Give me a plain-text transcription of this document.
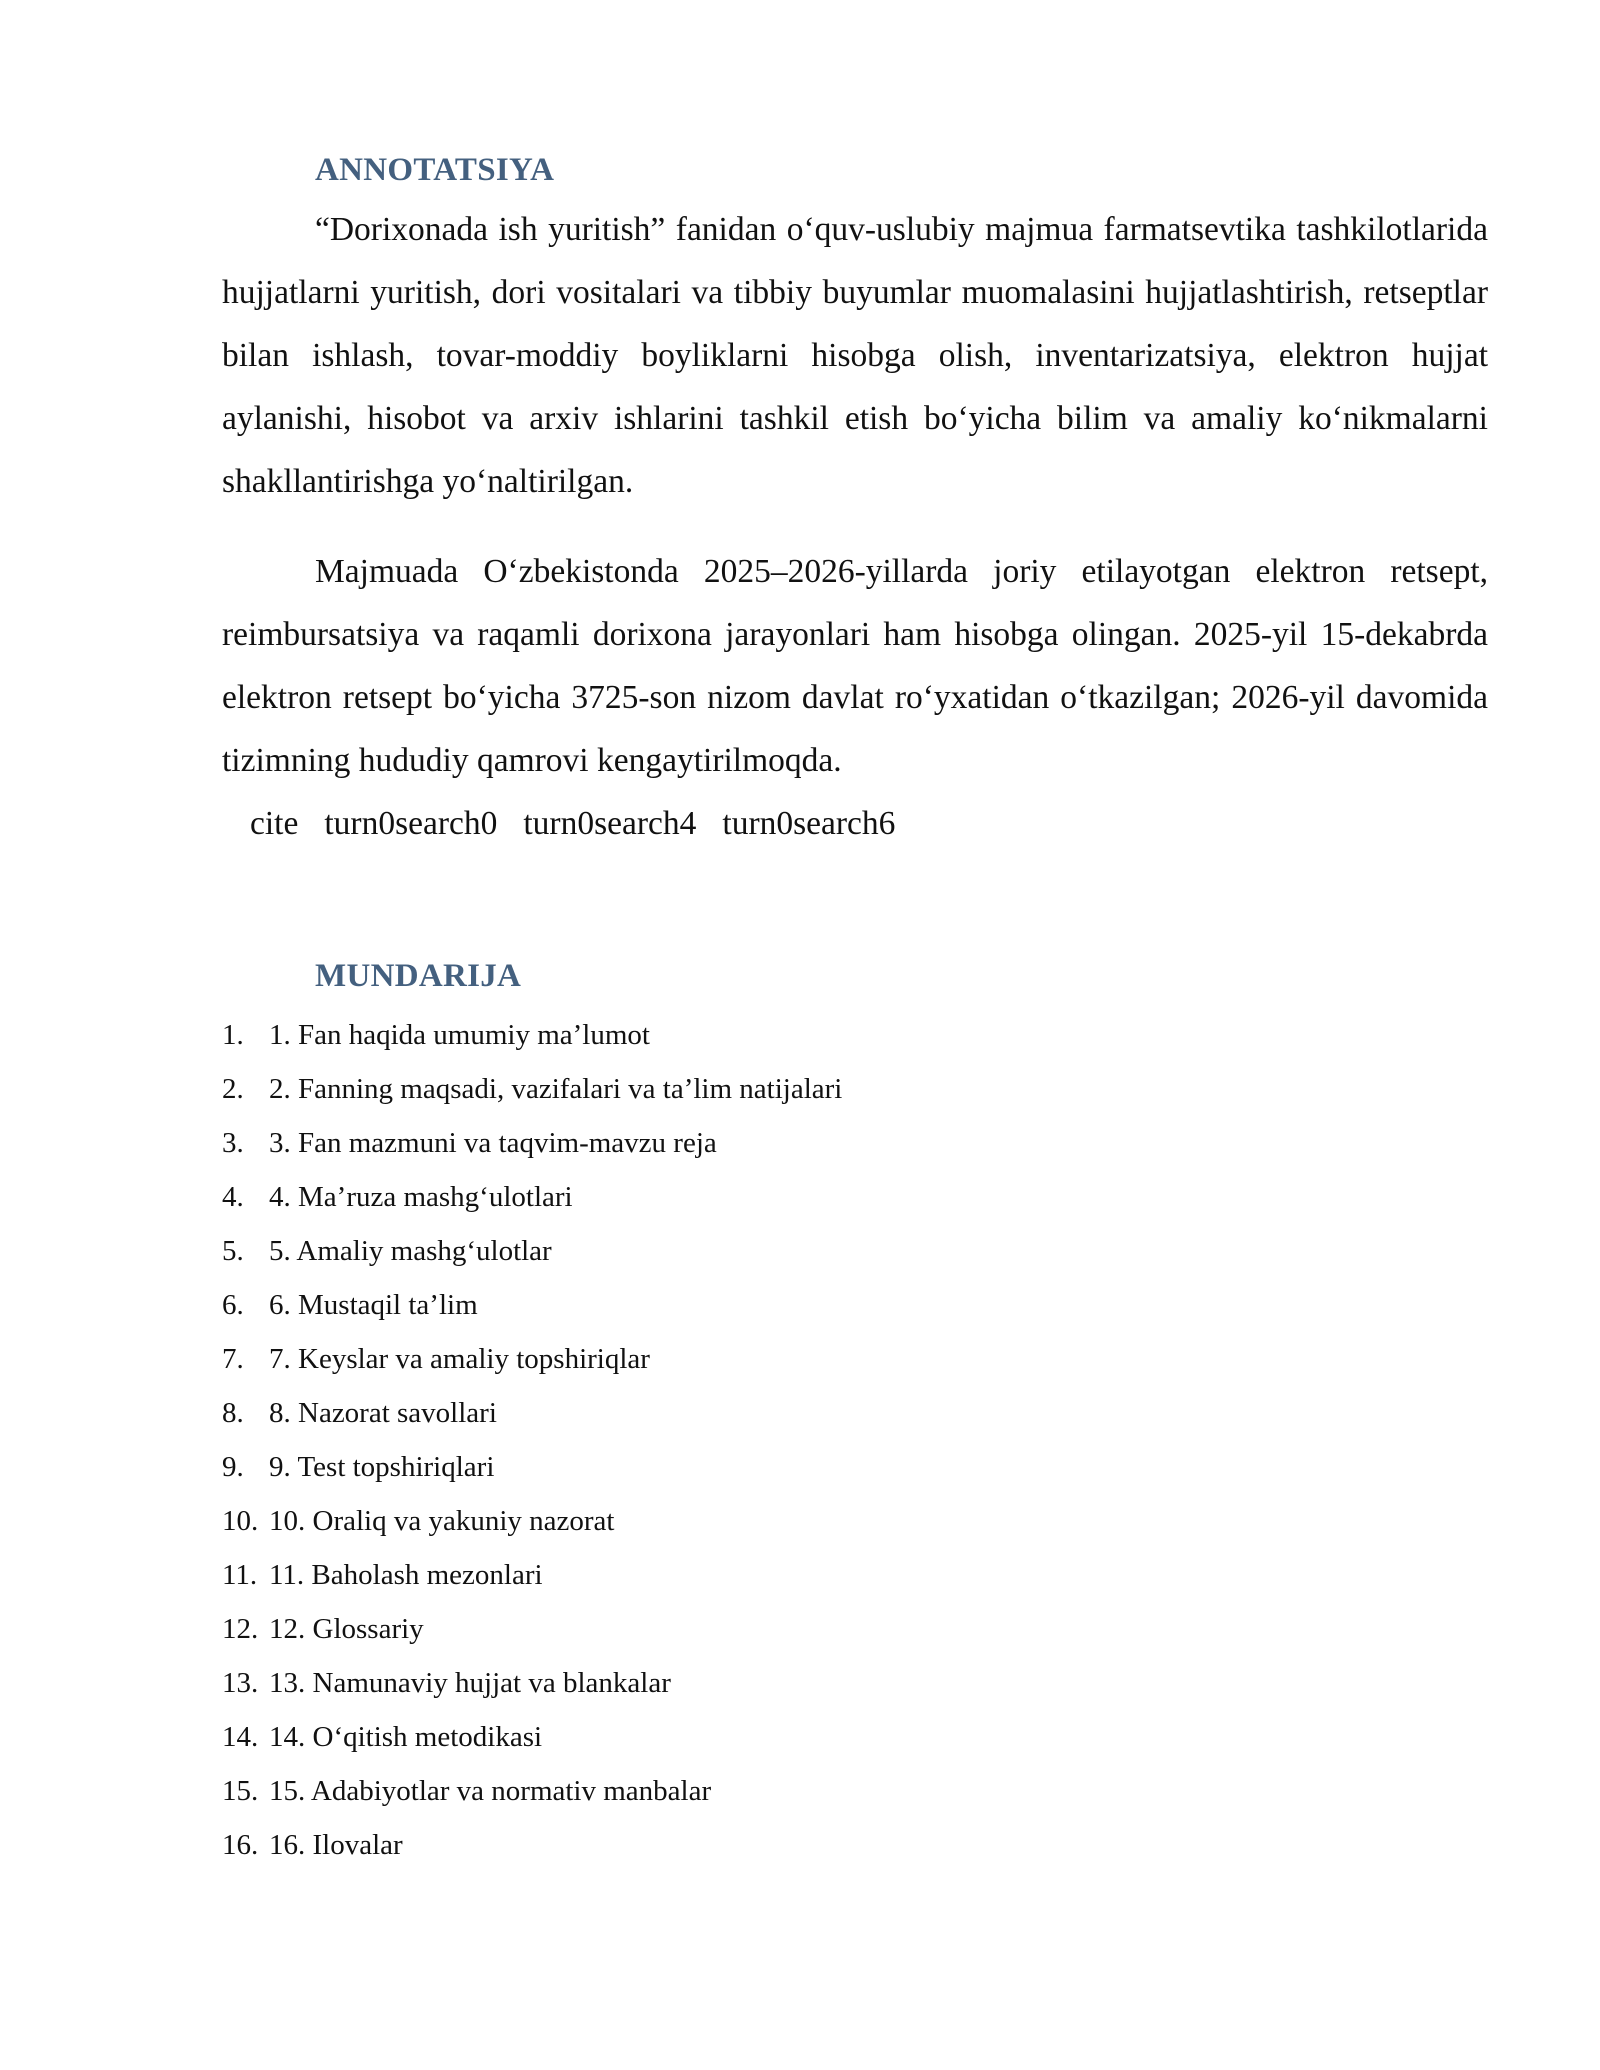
ANNOTATSIYA

“Dorixonada ish yuritish” fanidan o‘quv-uslubiy majmua farmatsevtika tashkilotlarida hujjatlarni yuritish, dori vositalari va tibbiy buyumlar muomalasini hujjatlashtirish, retseptlar bilan ishlash, tovar-moddiy boyliklarni hisobga olish, inventarizatsiya, elektron hujjat aylanishi, hisobot va arxiv ishlarini tashkil etish bo‘yicha bilim va amaliy ko‘nikmalarni shakllantirishga yo‘naltirilgan.

Majmuada O‘zbekistonda 2025–2026-yillarda joriy etilayotgan elektron retsept, reimbursatsiya va raqamli dorixona jarayonlari ham hisobga olingan. 2025-yil 15-dekabrda elektron retsept bo‘yicha 3725-son nizom davlat ro‘yxatidan o‘tkazilgan; 2026-yil davomida tizimning hududiy qamrovi kengaytirilmoqda.

cite turn0search0 turn0search4 turn0search6
MUNDARIJA
1. 1. Fan haqida umumiy ma’lumot
2. 2. Fanning maqsadi, vazifalari va ta’lim natijalari
3. 3. Fan mazmuni va taqvim-mavzu reja
4. 4. Ma’ruza mashg‘ulotlari
5. 5. Amaliy mashg‘ulotlar
6. 6. Mustaqil ta’lim
7. 7. Keyslar va amaliy topshiriqlar
8. 8. Nazorat savollari
9. 9. Test topshiriqlari
10. 10. Oraliq va yakuniy nazorat
11. 11. Baholash mezonlari
12. 12. Glossariy
13. 13. Namunaviy hujjat va blankalar
14. 14. O‘qitish metodikasi
15. 15. Adabiyotlar va normativ manbalar
16. 16. Ilovalar
